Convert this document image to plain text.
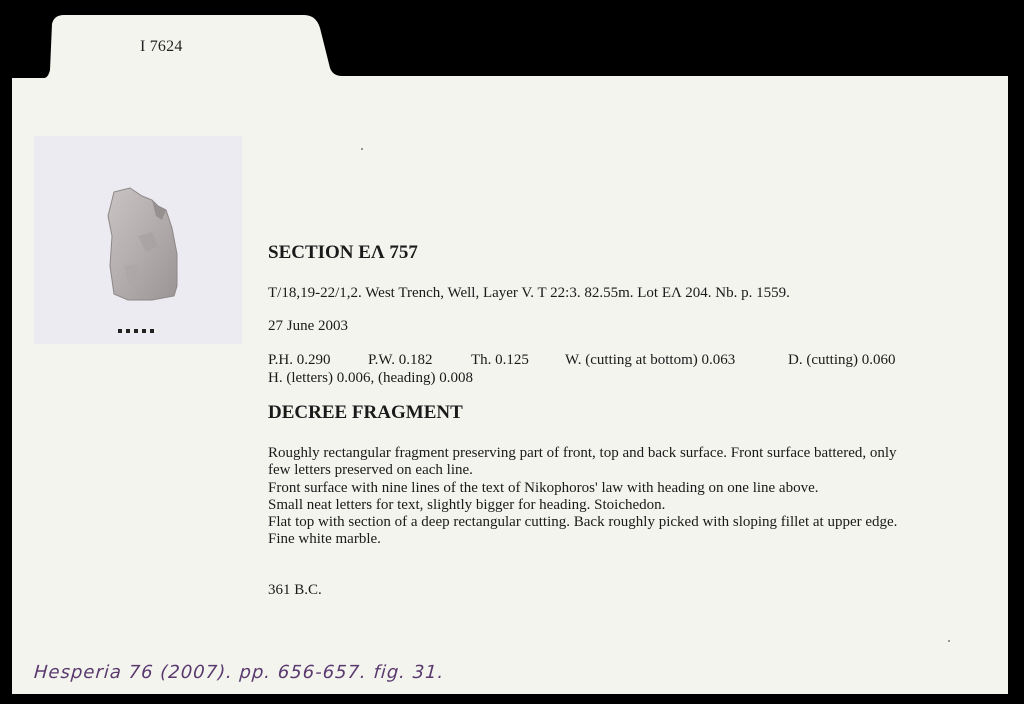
I 7624
SECTION ΕΛ 757
T/18,19-22/1,2. West Trench, Well, Layer V. T 22:3. 82.55m. Lot ΕΛ 204. Nb. p. 1559.
27 June 2003
P.H. 0.290 P.W. 0.182	Th. 0.125 W. (cutting at bottom) 0.063	D. (cutting) 0.060
H. (letters) 0.006, (heading) 0.008
DECREE FRAGMENT
Roughly rectangular fragment preserving part of front, top and back surface. Front surface battered, only few letters preserved on each line.
Front surface with nine lines of the text of Nikophoros' law with heading on one line above.
Small neat letters for text, slightly bigger for heading. Stoichedon.
Flat top with section of a deep rectangular cutting. Back roughly picked with sloping fillet at upper edge.
Fine white marble.
361 B.C.
Hesperia 76 (2007). pp. 656-657. fig. 31.
